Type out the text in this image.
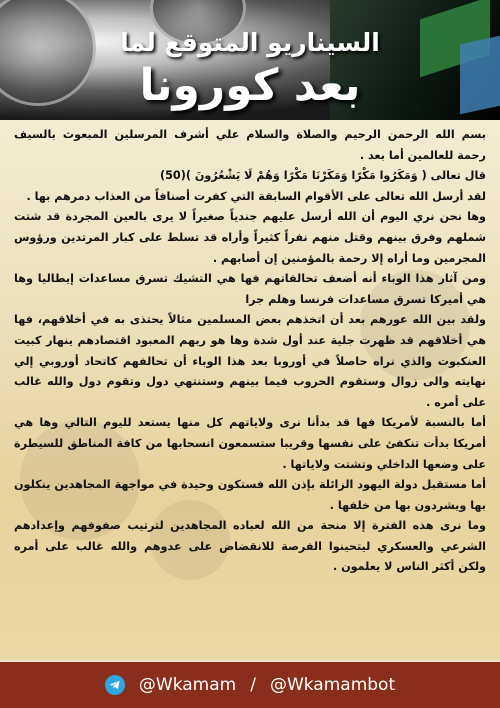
السيناريو المتوقع لما
بعد كورونا

بسم الله الرحمن الرحيم والصلاة والسلام علي أشرف المرسلين المبعوث بالسيف رحمة للعالمين أما بعد .

قال تعالى ( وَمَكَرُوا مَكْرًا وَمَكَرْنَا مَكْرًا وَهُمْ لَا يَشْعُرُونَ )(50)

لقد أرسل الله تعالى على الأقوام السابقة التي كفرت أصنافاً من العذاب دمرهم بها .

وها نحن نري اليوم أن الله أرسل عليهم جندياً صغيراً لا يرى بالعين المجردة قد شتت شملهم وفرق بينهم وقتل منهم نفراً كثيراً وأراه قد تسلط على كبار المرتدين ورؤوس المجرمين وما أراه إلا رحمة بالمؤمنين إن أصابهم .

ومن آثار هذا الوباء أنه أضعف تحالفاتهم فها هي التشيك تسرق مساعدات إيطاليا وها هي أميركا تسرق مساعدات فرنسا وهلم جرا

ولقد بين الله عورهم بعد أن اتخذهم بعض المسلمين مثالاً يحتذى به في أخلاقهم، فها هي أخلاقهم قد ظهرت جلية عند أول شدة وها هو ربهم المعبود اقتصادهم ينهار كبيت العنكبوت والذي نراه حاصلاً في أوروبا بعد هذا الوباء أن تحالفهم كاتحاد أوروبي إلي نهايته والى زوال وستقوم الحروب فيما بينهم وستنتهي دول وتقوم دول والله غالب على أمره .

أما بالنسبة لأمريكا فها قد بدأنا نرى ولاياتهم كل منها يستعد لليوم التالي وها هي أمريكا بدأت تنكفئ على نفسها وقريبا ستسمعون انسحابها من كافة المناطق للسيطرة على وضعها الداخلي وتشتت ولاياتها .

أما مستقبل دولة اليهود الزائلة بإذن الله فستكون وحيدة في مواجهة المجاهدين ينكلون بها ويشردون بها من خلفها .

وما نرى هذه الفترة إلا منحة من الله لعباده المجاهدين لترتيب صفوفهم وإعدادهم الشرعي والعسكري ليتحينوا الفرصة للانقضاض على عدوهم والله غالب على أمره ولكن أكثر الناس لا يعلمون .

@Wkamam / @Wkamambot
